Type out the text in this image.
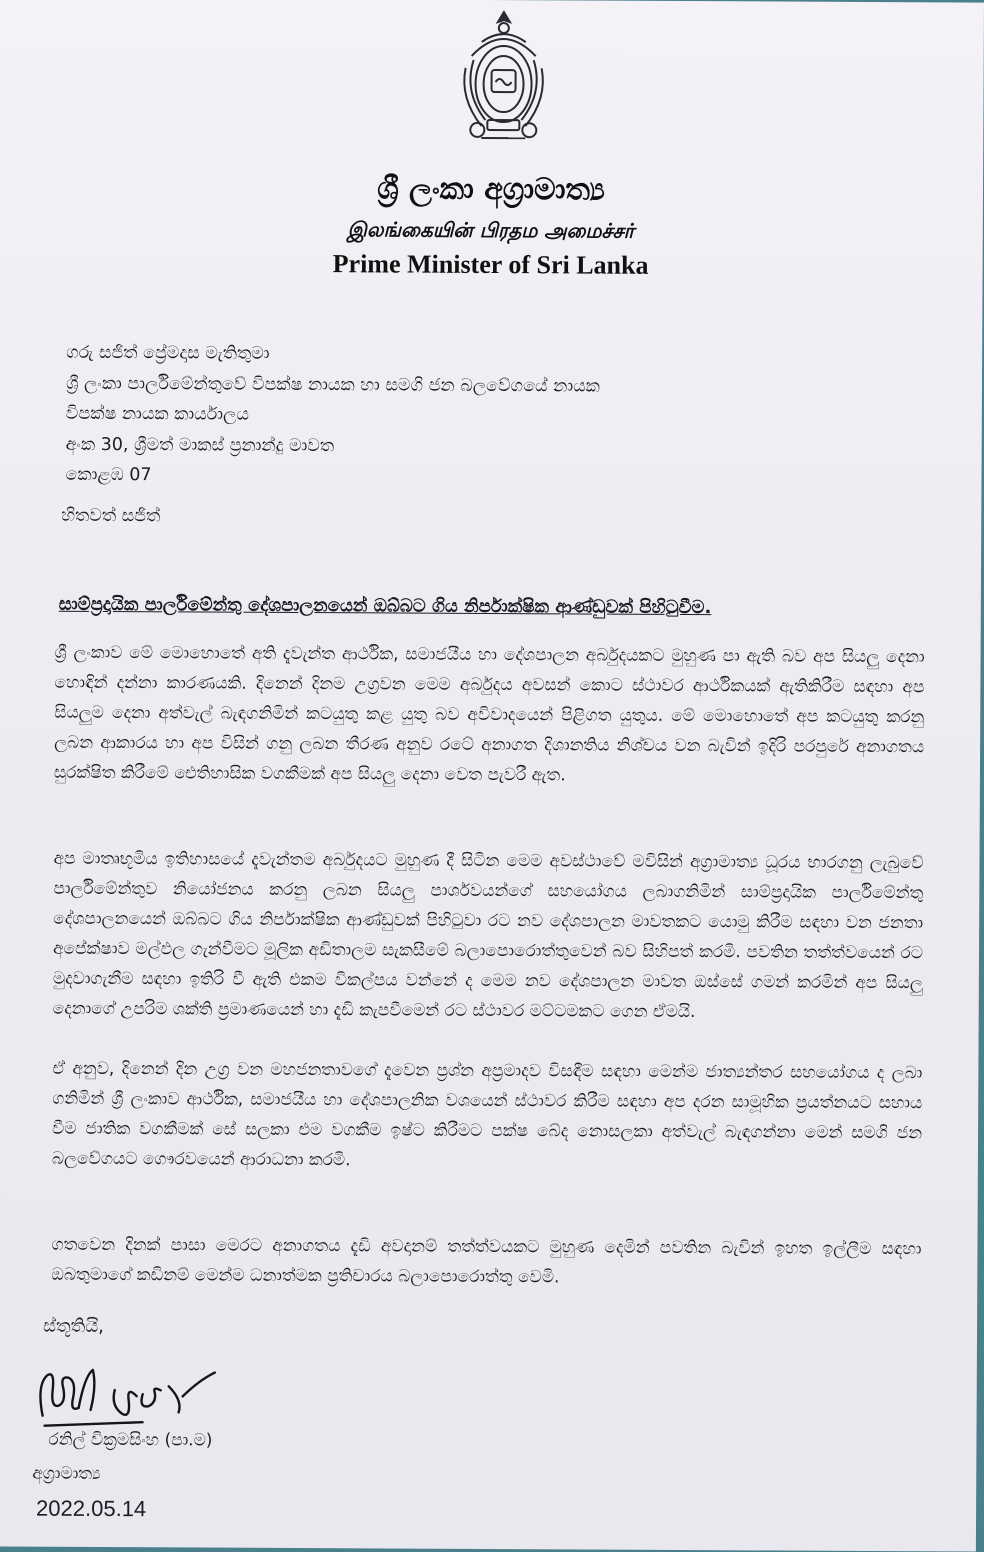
ශ්‍රී ලංකා අග්‍රාමාත්‍ය
இலங்கையின் பிரதம அமைச்சர்
Prime Minister of Sri Lanka
ගරු සජිත් ප්‍රේමදාස මැතිතුමා
ශ්‍රී ලංකා පාර්ලිමේන්තුවේ විපක්ෂ නායක හා සමගි ජන බලවේගයේ නායක
විපක්ෂ නායක කාර්යාලය
අංක 30, ශ්‍රීමත් මාකස් ප්‍රනාන්දු මාවත
කොළඹ 07
හිතවත් සජිත්
සාම්ප්‍රදායික පාර්ලිමේන්තු දේශපාලනයෙන් ඔබ්බට ගිය නිර්පාක්ෂික ආණ්ඩුවක් පිහිටුවීම.
ශ්‍රී ලංකාව මේ මොහොතේ අති දැවැන්ත ආර්ථික, සමාජයීය හා දේශපාලන අර්බුදයකට මුහුණ පා ඇති බව අප සියලු දෙනා හොඳින් දන්නා කාරණයකි. දිනෙන් දිනම උග්‍රවන මෙම අර්බුදය අවසන් කොට ස්ථාවර ආර්ථිකයක් ඇතිකිරීම සඳහා අප සියලුම දෙනා අත්වැල් බැඳගනිමින් කටයුතු කළ යුතු බව අවිවාදයෙන් පිළිගත යුතුය. මේ මොහොතේ අප කටයුතු කරනු ලබන ආකාරය හා අප විසින් ගනු ලබන තීරණ අනුව රටේ අනාගත දිශානතිය නිශ්චය වන බැවින් ඉදිරි පරපුරේ අනාගතය සුරක්ෂිත කිරීමේ ඓතිහාසික වගකීමක් අප සියලු දෙනා වෙත පැවරී ඇත.
අප මාතෘභූමිය ඉතිහාසයේ දැවැන්තම අර්බුදයට මුහුණ දී සිටින මෙම අවස්ථාවේ මවිසින් අග්‍රාමාත්‍ය ධූරය භාරගනු ලැබුවේ පාර්ලිමේන්තුව නියෝජනය කරනු ලබන සියලු පාර්ශවයන්ගේ සහයෝගය ලබාගනිමින් සාම්ප්‍රදායික පාර්ලිමේන්තු දේශපාලනයෙන් ඔබ්බට ගිය නිර්පාක්ෂික ආණ්ඩුවක් පිහිටුවා රට නව දේශපාලන මාවතකට යොමු කිරීම සඳහා වන ජනතා අපේක්ෂාව මල්ඵල ගැන්වීමට මූලික අඩිතාලම සැකසීමේ බලාපොරොත්තුවෙන් බව සිහිපත් කරමි. පවතින තත්ත්වයෙන් රට මුදවාගැනීම සඳහා ඉතිරි වී ඇති එකම විකල්පය වන්නේ ද මෙම නව දේශපාලන මාවත ඔස්සේ ගමන් කරමින් අප සියලු දෙනාගේ උපරිම ශක්ති ප්‍රමාණයෙන් හා දැඩි කැපවීමෙන් රට ස්ථාවර මට්ටමකට ගෙන ඒමයි.
ඒ අනුව, දිනෙන් දින උග්‍ර වන මහජනතාවගේ දැවෙන ප්‍රශ්න අප්‍රමාදව විසඳීම සඳහා මෙන්ම ජාත්‍යන්තර සහයෝගය ද ලබා ගනිමින් ශ්‍රී ලංකාව ආර්ථික, සමාජයීය හා දේශපාලනික වශයෙන් ස්ථාවර කිරීම සඳහා අප දරන සාමූහික ප්‍රයත්නයට සහාය වීම ජාතික වගකීමක් සේ සලකා එම වගකීම ඉෂ්ට කිරීමට පක්ෂ බේද නොසලකා අත්වැල් බැඳගන්නා මෙන් සමගි ජන බලවේගයට ගෞරවයෙන් ආරාධනා කරමි.
ගතවෙන දිනක් පාසා මෙරට අනාගතය දැඩි අවදානම් තත්ත්වයකට මුහුණ දෙමින් පවතින බැවින් ඉහත ඉල්ලීම සඳහා ඔබතුමාගේ කඩිනම් මෙන්ම ධනාත්මක ප්‍රතිචාරය බලාපොරොත්තු වෙමි.
ස්තූතියි,
රනිල් වික්‍රමසිංහ (පා.ම)
අග්‍රාමාත්‍ය
2022.05.14
